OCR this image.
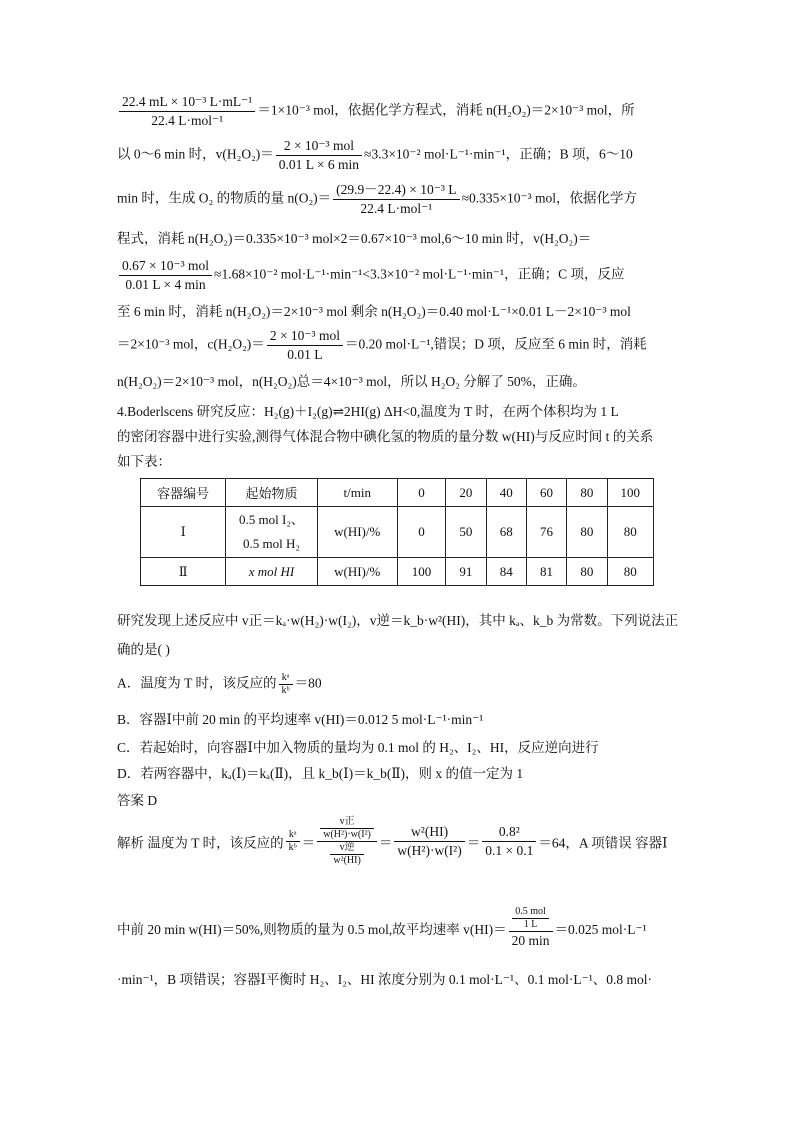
$\frac{\text{22.4 mL × 10⁻³ L·mL⁻¹}}{\text{22.4 L·mol⁻¹}} =1\times 10^{-3}$ mol，依据化学方程式，消耗 n(H₂O₂)＝2×10⁻³ mol，所
以 0～6 min 时，$v(H_2O_2)= \frac{\text{2 × 10⁻³ mol}}{0.01 L \times 6 \min} \approx 3.3\times 10^{-2}$ mol·L⁻¹·min⁻¹，正确；B 项，6～10
min 时，生成 O₂ 的物质的量 $n(O_2)= \frac{\text{(29.9－22.4) × 10⁻³ L}}{\text{22.4 L·mol⁻¹}} \approx 0.335\times 10^{-3}$ mol，依据化学方
程式，消耗 n(H₂O₂)＝0.335×10⁻³ mol×2＝0.67×10⁻³ mol,6～10 min 时，v(H₂O₂)＝
$\frac{\text{0.67 × 10⁻³ mol}}{0.01 L \times 4 \min} \approx 1.68\times 10^{-2}$ mol·L⁻¹·min⁻¹<3.3×10⁻² mol·L⁻¹·min⁻¹，正确；C 项，反应
至 6 min 时，消耗 n(H₂O₂)＝2×10⁻³ mol 剩余 n(H₂O₂)＝0.40 mol·L⁻¹×0.01 L－2×10⁻³ mol
＝2×10⁻³ mol，$c(H_2O_2)= \frac{\text{2 × 10⁻³ mol}}{0.01 L} =0.20$ mol·L⁻¹,错误；D 项，反应至 6 min 时，消耗
n(H₂O₂)＝2×10⁻³ mol，n(H₂O₂)总＝4×10⁻³ mol，所以 H₂O₂ 分解了 50%，正确。
4.Boderlscens 研究反应：H₂(g)＋I₂(g)⇌2HI(g) ΔH<0,温度为 T 时，在两个体积均为 1 L
的密闭容器中进行实验,测得气体混合物中碘化氢的物质的量分数 w(HI)与反应时间 t 的关系
如下表：
容器编号	起始物质	t/min	0	20	40	60	80	100
Ⅰ	0.5 mol I₂、
0.5 mol H₂	w(HI)/%	0	50	68	76	80	80
Ⅱ	x mol HI	w(HI)/%	100	91	84	81	80	80
研究发现上述反应中 v正＝kₐ·w(H₂)·w(I₂)，v逆＝k_b·w²(HI)，其中 kₐ、k_b 为常数。下列说法正
确的是( )
A．温度为 T 时，该反应的 $\frac{\text{kᵃ}}{\text{kᵇ}} =80$
B．容器Ⅰ中前 20 min 的平均速率 v(HI)＝0.012 5 mol·L⁻¹·min⁻¹
C．若起始时，向容器Ⅰ中加入物质的量均为 0.1 mol 的 H₂、I₂、HI，反应逆向进行
D．若两容器中，kₐ(Ⅰ)＝kₐ(Ⅱ)，且 k_b(Ⅰ)＝k_b(Ⅱ)，则 x 的值一定为 1
答案 D
解析 温度为 T 时，该反应的 $\frac{\text{kᵃ}}{\text{kᵇ}} = \frac{\frac{\text{v正}}{\text{w(H²)·w(I²)}}}{\frac{\text{v逆}}{\text{w²(HI)}}} = \frac{\text{w²(HI)}}{\text{w(H²)·w(I²)}} = \frac{\text{0.8²}}{0.1 \times 0.1} =64$，A 项错误 容器Ⅰ
中前 20 min w(HI)＝50%,则物质的量为 0.5 mol,故平均速率 $v(HI)= \frac{\frac{\text{0.5 mol}}{1 L}}{20 \min} =0.025$ mol·L⁻¹
·min⁻¹，B 项错误；容器Ⅰ平衡时 H₂、I₂、HI 浓度分别为 0.1 mol·L⁻¹、0.1 mol·L⁻¹、0.8 mol·
